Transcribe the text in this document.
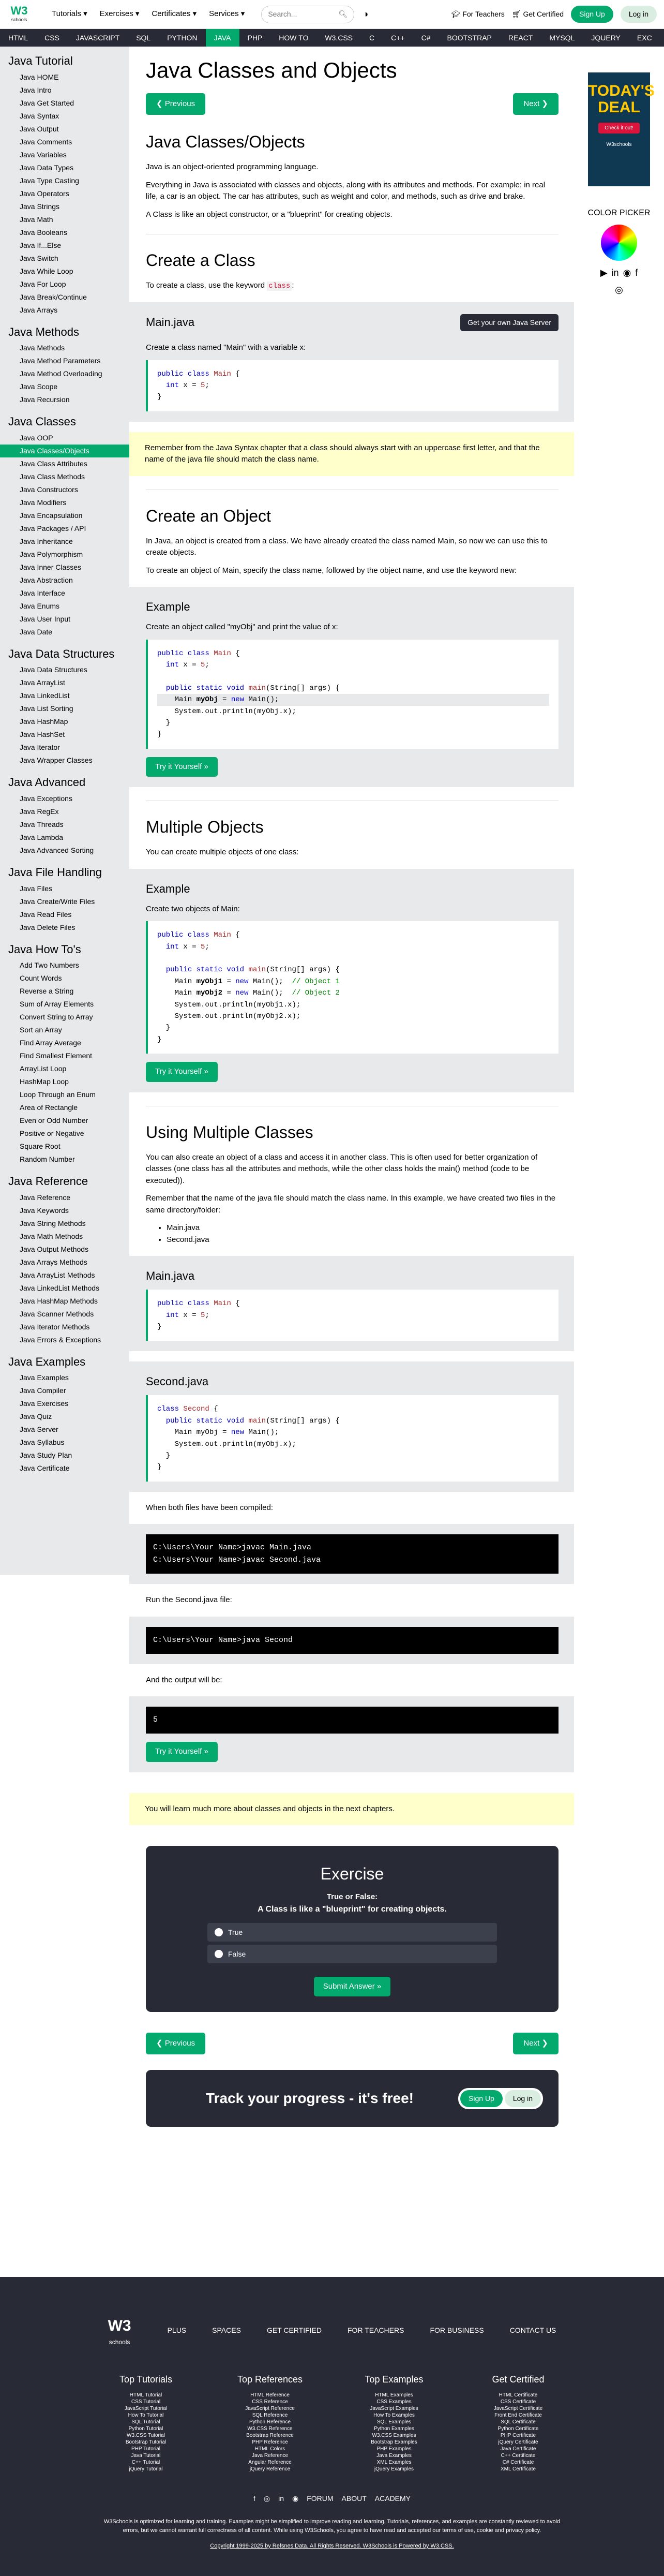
W3
schools
Tutorials ▾ Exercises ▾ Certificates ▾ Services ▾	Search...	🔍︎ ◑	🎓︎ For Teachers 🛒︎ Get Certified	Sign Up	Log in
HTML	CSS	JAVASCRIPT	SQL	PYTHON	JAVA	PHP	HOW TO	W3.CSS	C	C++	C#	BOOTSTRAP	REACT	MYSQL	JQUERY	EXC
Java Tutorial
Java HOME
Java Intro
Java Get Started
Java Syntax
Java Output
Java Comments
Java Variables
Java Data Types
Java Type Casting
Java Operators
Java Strings
Java Math
Java Booleans
Java If...Else
Java Switch
Java While Loop
Java For Loop
Java Break/Continue
Java Arrays
Java Methods
Java Methods
Java Method Parameters
Java Method Overloading
Java Scope
Java Recursion
Java Classes
Java OOP
Java Classes/Objects
Java Class Attributes
Java Class Methods
Java Constructors
Java Modifiers
Java Encapsulation
Java Packages / API
Java Inheritance
Java Polymorphism
Java Inner Classes
Java Abstraction
Java Interface
Java Enums
Java User Input
Java Date
Java Data Structures
Java Data Structures
Java ArrayList
Java LinkedList
Java List Sorting
Java HashMap
Java HashSet
Java Iterator
Java Wrapper Classes
Java Advanced
Java Exceptions
Java RegEx
Java Threads
Java Lambda
Java Advanced Sorting
Java File Handling
Java Files
Java Create/Write Files
Java Read Files
Java Delete Files
Java How To's
Add Two Numbers
Count Words
Reverse a String
Sum of Array Elements
Convert String to Array
Sort an Array
Find Array Average
Find Smallest Element
ArrayList Loop
HashMap Loop
Loop Through an Enum
Area of Rectangle
Even or Odd Number
Positive or Negative
Square Root
Random Number
Java Reference
Java Reference
Java Keywords
Java String Methods
Java Math Methods
Java Output Methods
Java Arrays Methods
Java ArrayList Methods
Java LinkedList Methods
Java HashMap Methods
Java Scanner Methods
Java Iterator Methods
Java Errors & Exceptions
Java Examples
Java Examples
Java Compiler
Java Exercises
Java Quiz
Java Server
Java Syllabus
Java Study Plan
Java Certificate
Java Classes and Objects
❮ Previous	Next ❯
Java Classes/Objects

Java is an object-oriented programming language.

Everything in Java is associated with classes and objects, along with its attributes and methods. For example: in real life, a car is an object. The car has attributes, such as weight and color, and methods, such as drive and brake.

A Class is like an object constructor, or a "blueprint" for creating objects.

Create a Class

To create a class, use the keyword class :

Main.java	Get your own Java Server

Create a class named "Main" with a variable x:

public class Main {
int x = 5;
}
Remember from the Java Syntax chapter that a class should always start with an uppercase first letter, and that the name of the java file should match the class name.
Create an Object

In Java, an object is created from a class. We have already created the class named Main, so now we can use this to create objects.

To create an object of Main, specify the class name, followed by the object name, and use the keyword new:

Example

Create an object called "myObj" and print the value of x:

public class Main {
int x = 5;

public static void main(String[] args) {
Main myObj = new Main();
System.out.println(myObj.x);
}
}
Try it Yourself »
Multiple Objects

You can create multiple objects of one class:

Example

Create two objects of Main:

public class Main {
int x = 5;

public static void main(String[] args) {
Main myObj1 = new Main();  // Object 1
Main myObj2 = new Main();  // Object 2
System.out.println(myObj1.x);
System.out.println(myObj2.x);
}
}
Try it Yourself »
Using Multiple Classes

You can also create an object of a class and access it in another class. This is often used for better organization of classes (one class has all the attributes and methods, while the other class holds the main() method (code to be executed)).

Remember that the name of the java file should match the class name. In this example, we have created two files in the same directory/folder:

• Main.java
• Second.java
Main.java
public class Main {
int x = 5;
}
Second.java
class Second {
public static void main(String[] args) {
Main myObj = new Main();
System.out.println(myObj.x);
}
}

When both files have been compiled:

C:\Users\Your Name>javac Main.java
C:\Users\Your Name>javac Second.java

Run the Second.java file:

C:\Users\Your Name>java Second

And the output will be:

5
Try it Yourself »
You will learn much more about classes and objects in the next chapters.
Exercise
True or False:
A Class is like a "blueprint" for creating objects.
True
False
Submit Answer »
❮ Previous	Next ❯
Track your progress - it's free!	Sign Up	Log in
TODAY'S
DEAL
Check it out!
W3schools
COLOR PICKER
▶ in ◉ f
◎
W3
schools
PLUS	SPACES	GET CERTIFIED	FOR TEACHERS	FOR BUSINESS	CONTACT US
Top Tutorials
HTML Tutorial
CSS Tutorial
JavaScript Tutorial
How To Tutorial
SQL Tutorial
Python Tutorial
W3.CSS Tutorial
Bootstrap Tutorial
PHP Tutorial
Java Tutorial
C++ Tutorial
jQuery Tutorial
Top References
HTML Reference
CSS Reference
JavaScript Reference
SQL Reference
Python Reference
W3.CSS Reference
Bootstrap Reference
PHP Reference
HTML Colors
Java Reference
Angular Reference
jQuery Reference
Top Examples
HTML Examples
CSS Examples
JavaScript Examples
How To Examples
SQL Examples
Python Examples
W3.CSS Examples
Bootstrap Examples
PHP Examples
Java Examples
XML Examples
jQuery Examples
Get Certified
HTML Certificate
CSS Certificate
JavaScript Certificate
Front End Certificate
SQL Certificate
Python Certificate
PHP Certificate
jQuery Certificate
Java Certificate
C++ Certificate
C# Certificate
XML Certificate
f ◎ in ◉ FORUM ABOUT ACADEMY
W3Schools is optimized for learning and training. Examples might be simplified to improve reading and learning. Tutorials, references, and examples are constantly reviewed to avoid errors, but we cannot warrant full correctness of all content. While using W3Schools, you agree to have read and accepted our terms of use, cookie and privacy policy.
Copyright 1999-2025 by Refsnes Data. All Rights Reserved. W3Schools is Powered by W3.CSS.
